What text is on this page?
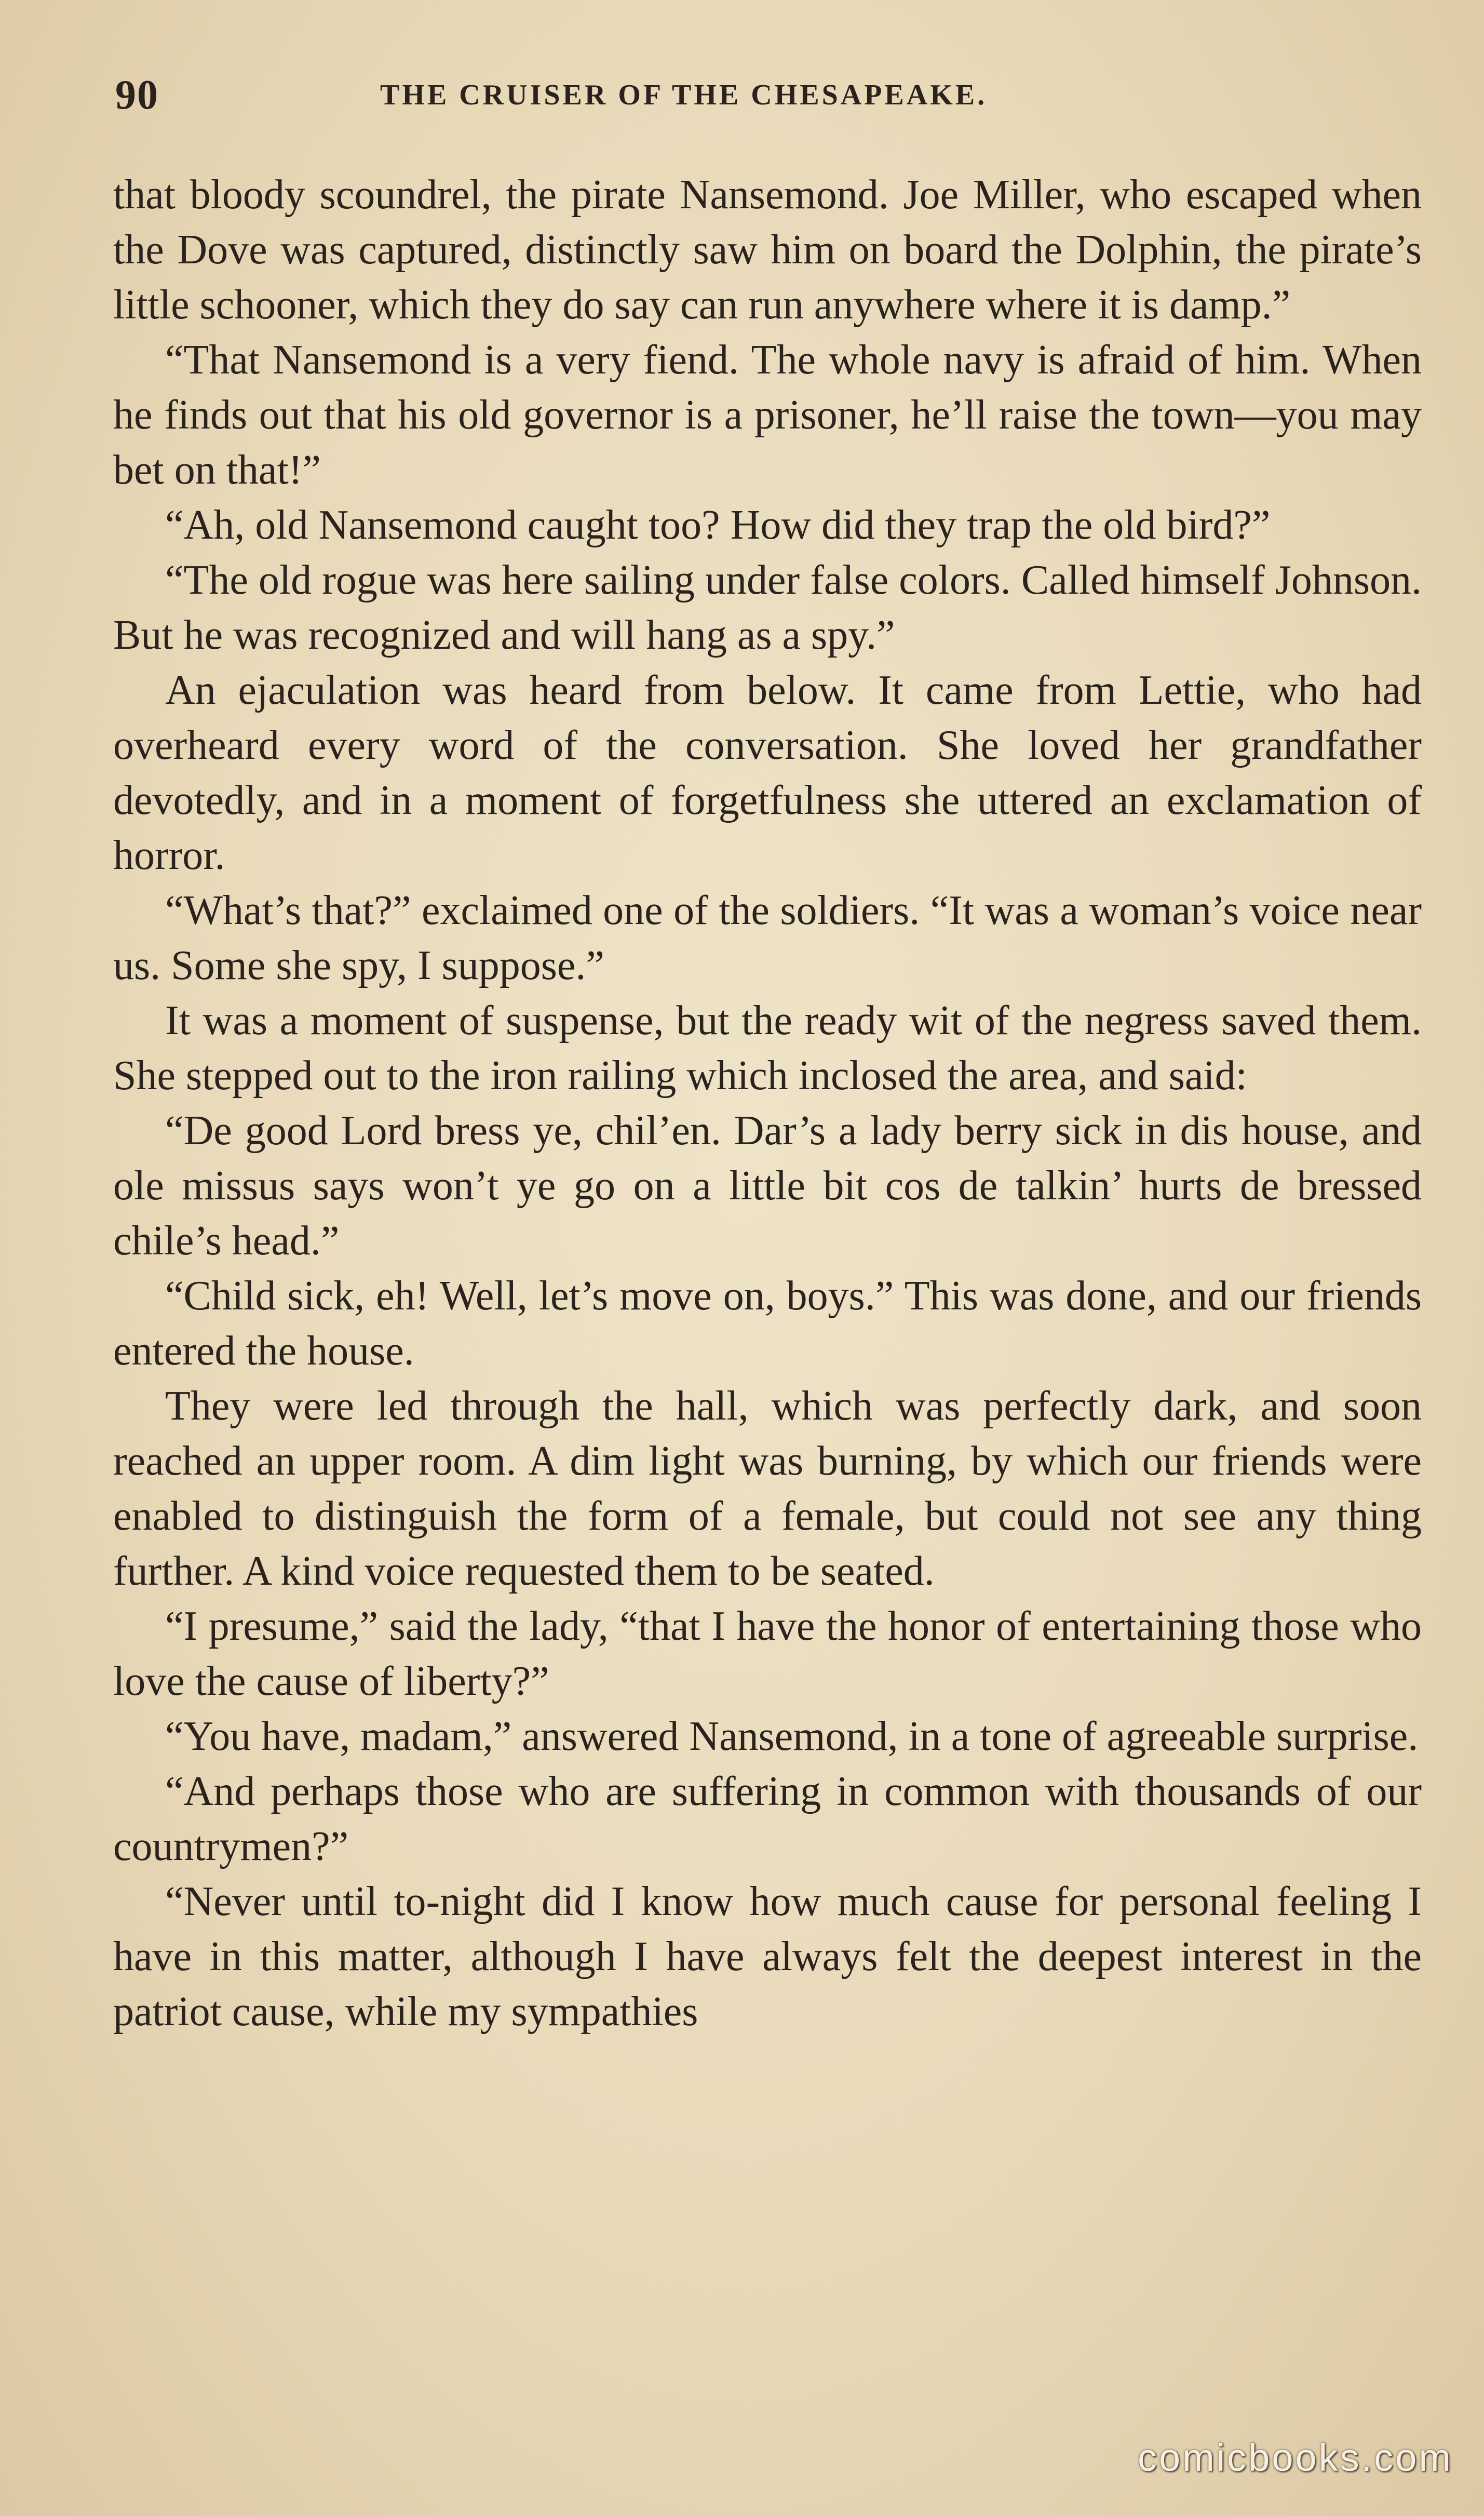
90	THE CRUISER OF THE CHESAPEAKE.

that bloody scoundrel, the pirate Nansemond. Joe Miller, who escaped when the Dove was captured, distinctly saw him on board the Dolphin, the pirate’s little schooner, which they do say can run anywhere where it is damp.”

“That Nansemond is a very fiend. The whole navy is afraid of him. When he finds out that his old governor is a prisoner, he’ll raise the town—you may bet on that!”

“Ah, old Nansemond caught too? How did they trap the old bird?”

“The old rogue was here sailing under false colors. Called himself Johnson. But he was recognized and will hang as a spy.”

An ejaculation was heard from below. It came from Lettie, who had overheard every word of the conversation. She loved her grandfather devotedly, and in a moment of forgetfulness she uttered an exclamation of horror.

“What’s that?” exclaimed one of the soldiers. “It was a woman’s voice near us. Some she spy, I suppose.”

It was a moment of suspense, but the ready wit of the negress saved them. She stepped out to the iron railing which inclosed the area, and said:

“De good Lord bress ye, chil’en. Dar’s a lady berry sick in dis house, and ole missus says won’t ye go on a little bit cos de talkin’ hurts de bressed chile’s head.”

“Child sick, eh! Well, let’s move on, boys.” This was done, and our friends entered the house.

They were led through the hall, which was perfectly dark, and soon reached an upper room. A dim light was burning, by which our friends were enabled to distinguish the form of a female, but could not see any thing further. A kind voice requested them to be seated.

“I presume,” said the lady, “that I have the honor of entertaining those who love the cause of liberty?”

“You have, madam,” answered Nansemond, in a tone of agreeable surprise.

“And perhaps those who are suffering in common with thousands of our countrymen?”

“Never until to-night did I know how much cause for personal feeling I have in this matter, although I have always felt the deepest interest in the patriot cause, while my sympathies

comicbooks.com
